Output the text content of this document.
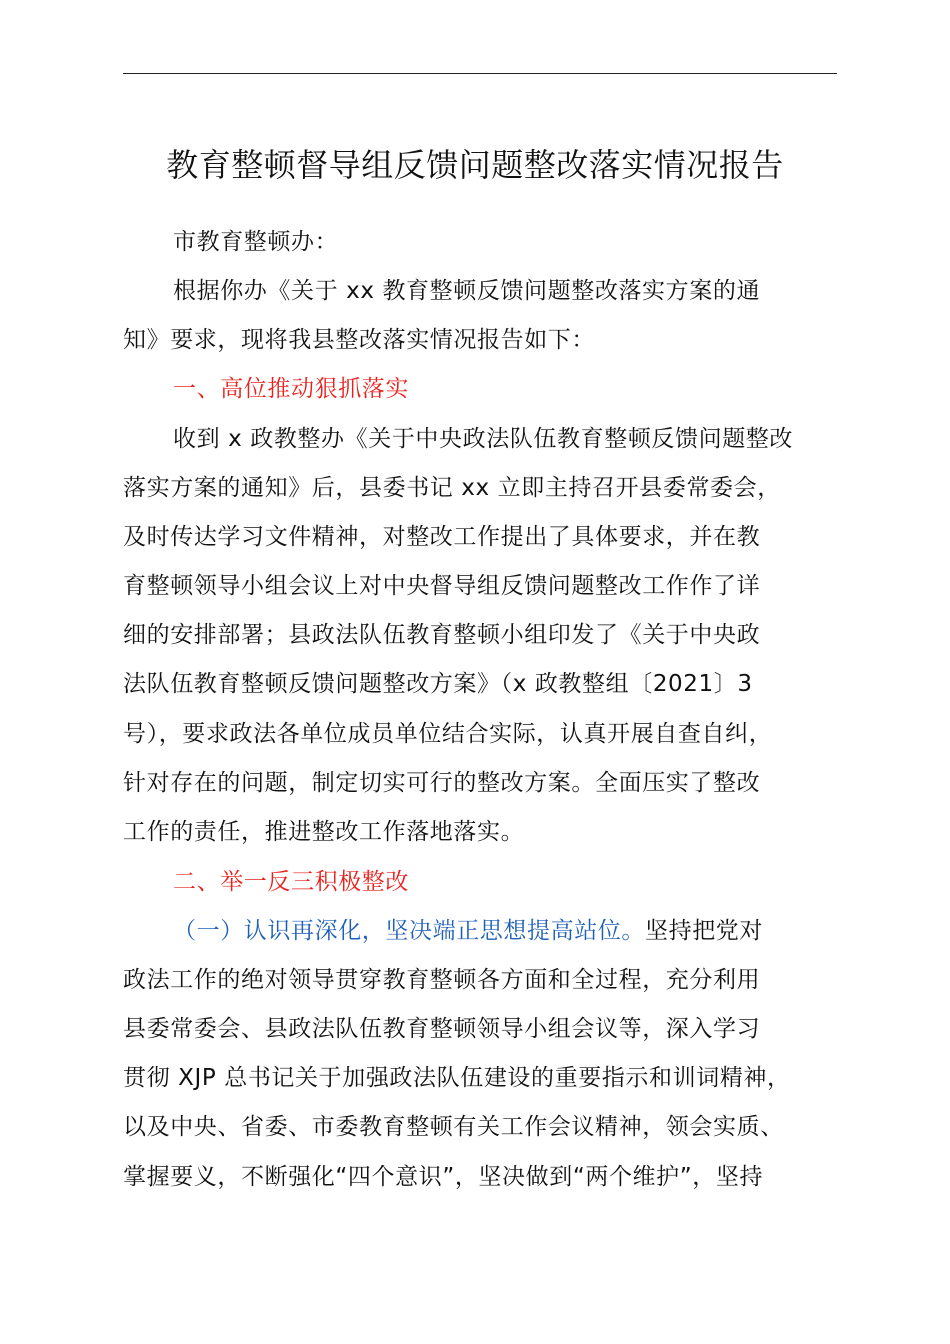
教育整顿督导组反馈问题整改落实情况报告
市教育整顿办：
根据你办《关于 xx 教育整顿反馈问题整改落实方案的通
知》要求，现将我县整改落实情况报告如下：
一、高位推动狠抓落实
收到 x 政教整办《关于中央政法队伍教育整顿反馈问题整改
落实方案的通知》后，县委书记 xx 立即主持召开县委常委会，
及时传达学习文件精神，对整改工作提出了具体要求，并在教
育整顿领导小组会议上对中央督导组反馈问题整改工作作了详
细的安排部署；县政法队伍教育整顿小组印发了《关于中央政
法队伍教育整顿反馈问题整改方案》（x 政教整组〔2021〕3
号），要求政法各单位成员单位结合实际，认真开展自查自纠，
针对存在的问题，制定切实可行的整改方案。全面压实了整改
工作的责任，推进整改工作落地落实。
二、举一反三积极整改
（一）认识再深化，坚决端正思想提高站位。坚持把党对
政法工作的绝对领导贯穿教育整顿各方面和全过程，充分利用
县委常委会、县政法队伍教育整顿领导小组会议等，深入学习
贯彻 XJP 总书记关于加强政法队伍建设的重要指示和训词精神，
以及中央、省委、市委教育整顿有关工作会议精神，领会实质、
掌握要义，不断强化“四个意识”，坚决做到“两个维护”，坚持
